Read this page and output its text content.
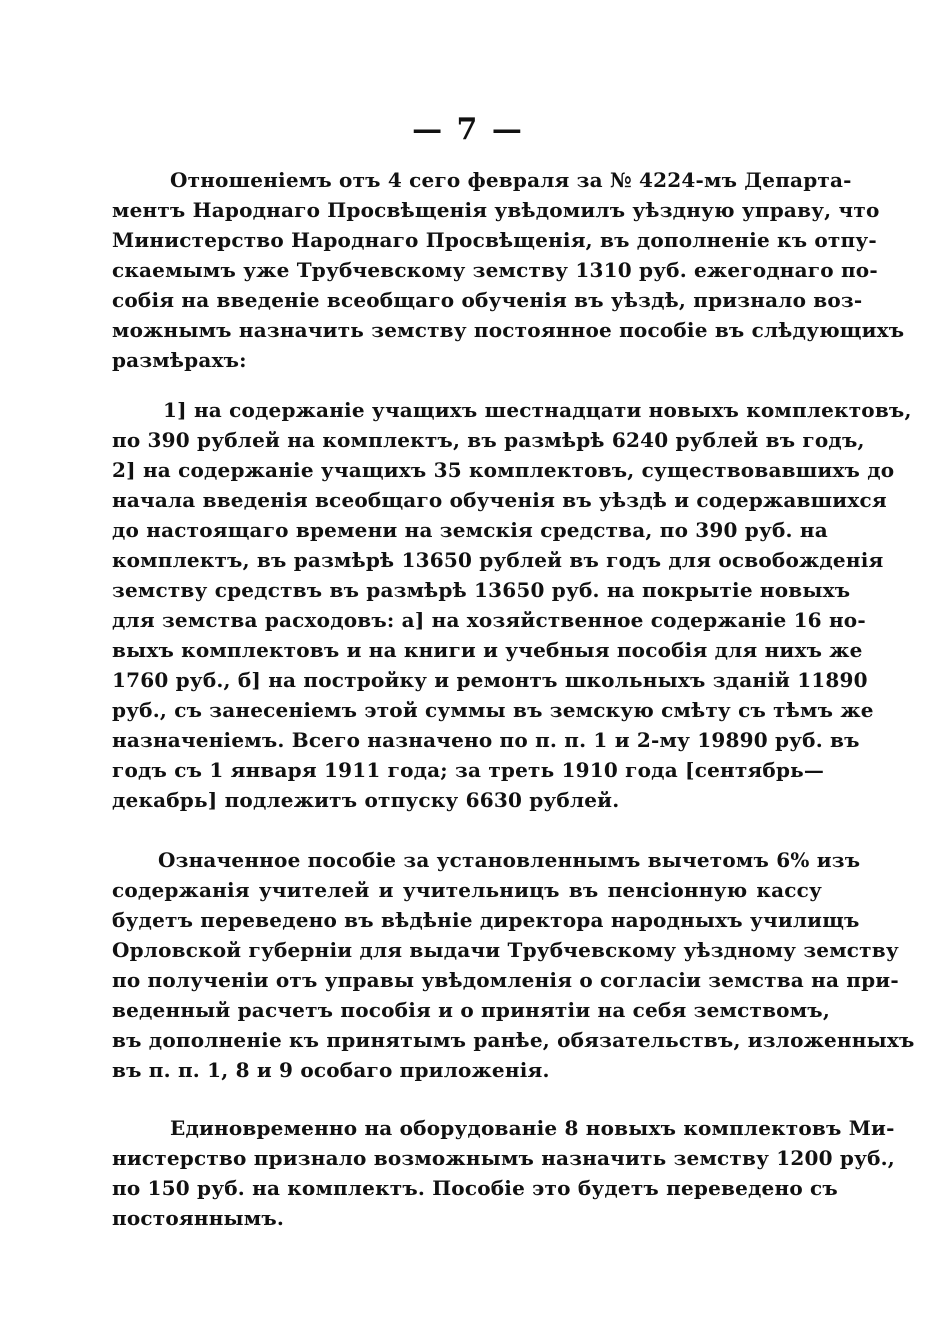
— 7 —
Отношеніемъ отъ 4 сего февраля за № 4224-мъ Департа-
ментъ Народнаго Просвѣщенія увѣдомилъ уѣздную управу, что
Министерство Народнаго Просвѣщенія, въ дополненіе къ отпу-
скаемымъ уже Трубчевскому земству 1310 руб. ежегоднаго по-
собія на введеніе всеобщаго обученія въ уѣздѣ, признало воз-
можнымъ назначить земству постоянное пособіе въ слѣдующихъ
размѣрахъ:
1] на содержаніе учащихъ шестнадцати новыхъ комплектовъ,
по 390 рублей на комплектъ, въ размѣрѣ 6240 рублей въ годъ,
2] на содержаніе учащихъ 35 комплектовъ, существовавшихъ до
начала введенія всеобщаго обученія въ уѣздѣ и содержавшихся
до настоящаго времени на земскія средства, по 390 руб. на
комплектъ, въ размѣрѣ 13650 рублей въ годъ для освобожденія
земству средствъ въ размѣрѣ 13650 руб. на покрытіе новыхъ
для земства расходовъ: а] на хозяйственное содержаніе 16 но-
выхъ комплектовъ и на книги и учебныя пособія для нихъ же
1760 руб., б] на постройку и ремонтъ школьныхъ зданій 11890
руб., съ занесеніемъ этой суммы въ земскую смѣту съ тѣмъ же
назначеніемъ. Всего назначено по п. п. 1 и 2-му 19890 руб. въ
годъ съ 1 января 1911 года; за треть 1910 года [сентябрь—
декабрь] подлежитъ отпуску 6630 рублей.
Означенное пособіе за установленнымъ вычетомъ 6% изъ
содержанія учителей и учительницъ въ пенсіонную кассу
будетъ переведено въ вѣдѣніе директора народныхъ училищъ
Орловской губерніи для выдачи Трубчевскому уѣздному земству
по полученіи отъ управы увѣдомленія о согласіи земства на при-
веденный расчетъ пособія и о принятіи на себя земствомъ,
въ дополненіе къ принятымъ ранѣе, обязательствъ, изложенныхъ
въ п. п. 1, 8 и 9 особаго приложенія.
Единовременно на оборудованіе 8 новыхъ комплектовъ Ми-
нистерство признало возможнымъ назначить земству 1200 руб.,
по 150 руб. на комплектъ. Пособіе это будетъ переведено съ
постояннымъ.
